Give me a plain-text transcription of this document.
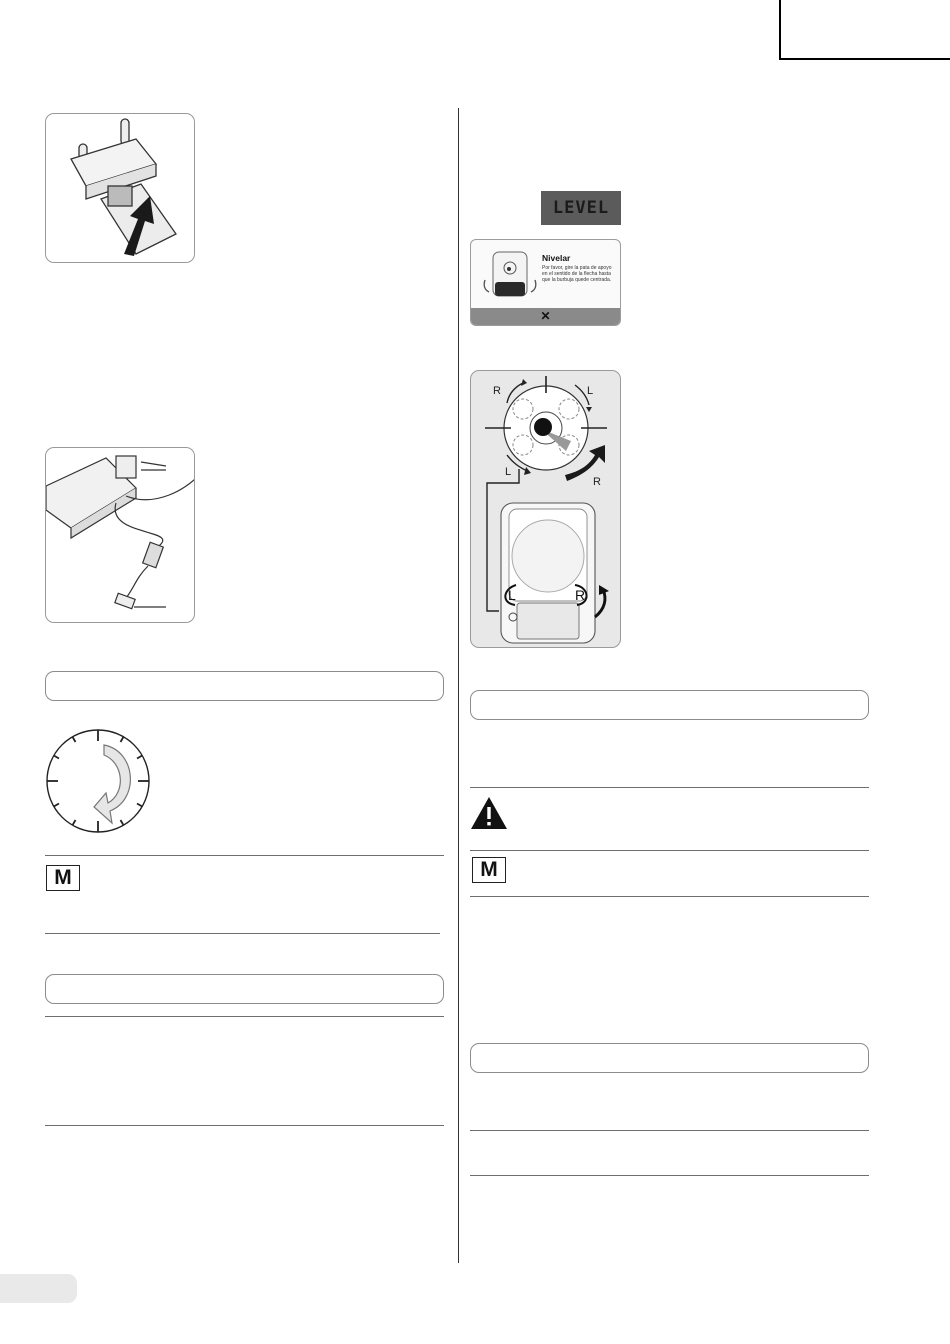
M
LEVEL
Nivelar
Por favor, gire la pata de apoyo en el sentido de la flecha hasta que la burbuja quede centrada.
✕
R	L
L
R
L	R
M
